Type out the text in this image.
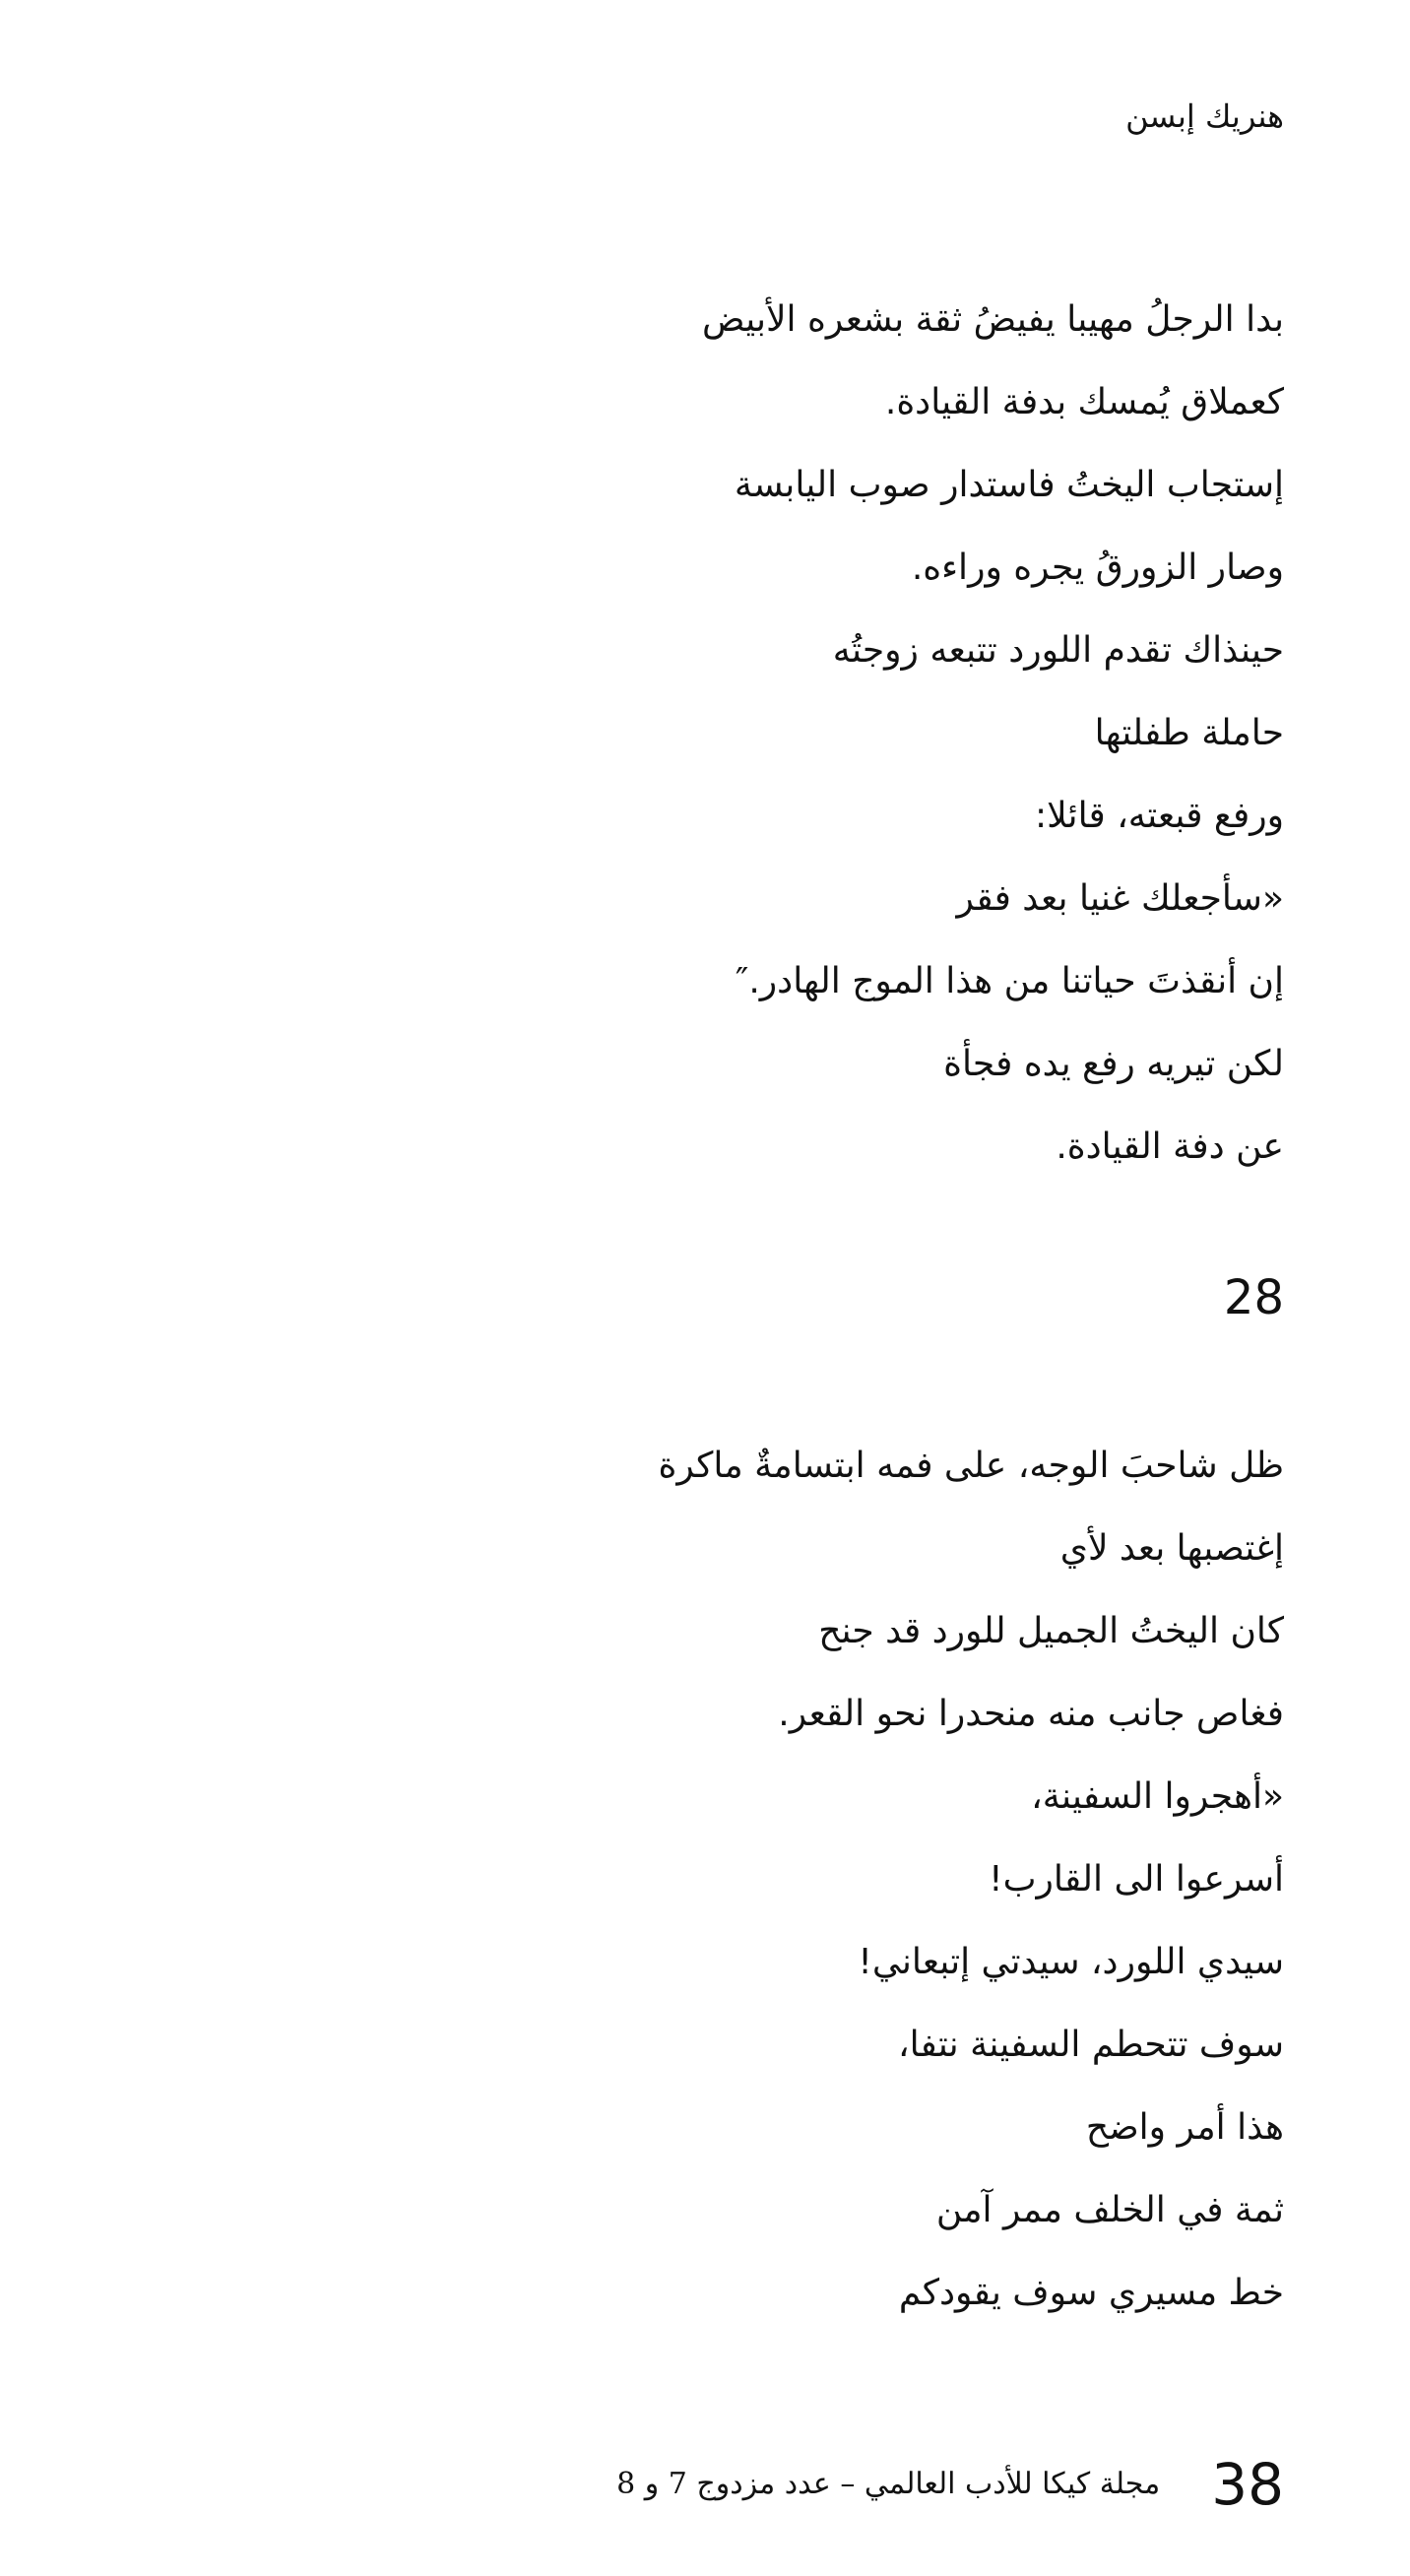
هنريك إبسن
بدا الرجلُ مهيبا يفيضُ ثقة بشعره الأبيض
كعملاق يُمسك بدفة القيادة.
إستجاب اليختُ فاستدار صوب اليابسة
وصار الزورقُ يجره وراءه.
حينذاك تقدم اللورد تتبعه زوجتُه
حاملة طفلتها
ورفع قبعته، قائلا:
«سأجعلك غنيا بعد فقر
إن أنقذتَ حياتنا من هذا الموج الهادر.″
لكن تيريه رفع يده فجأة
عن دفة القيادة.
28
ظل شاحبَ الوجه، على فمه ابتسامةٌ ماكرة
إغتصبها بعد لأي
كان اليختُ الجميل للورد قد جنح
فغاص جانب منه منحدرا نحو القعر.
«أهجروا السفينة،
أسرعوا الى القارب!
سيدي اللورد، سيدتي إتبعاني!
سوف تتحطم السفينة نتفا،
هذا أمر واضح
ثمة في الخلف ممر آمن
خط مسيري سوف يقودكم
38
مجلة كيكا للأدب العالمي – عدد مزدوج 7 و 8
